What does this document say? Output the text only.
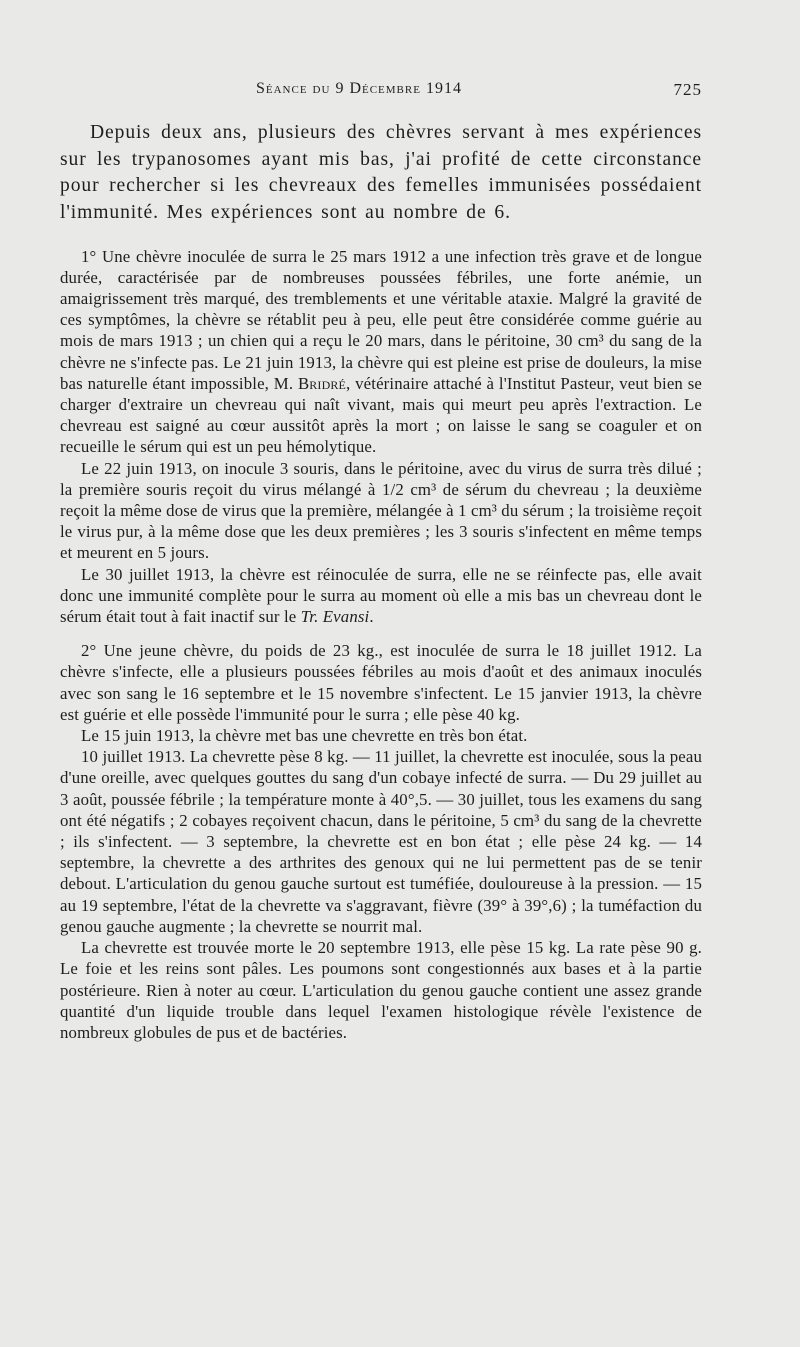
Séance du 9 Décembre 1914	725

Depuis deux ans, plusieurs des chèvres servant à mes expériences sur les trypanosomes ayant mis bas, j'ai profité de cette circonstance pour rechercher si les chevreaux des femelles immunisées possédaient l'immunité. Mes expériences sont au nombre de 6.

1° Une chèvre inoculée de surra le 25 mars 1912 a une infection très grave et de longue durée, caractérisée par de nombreuses poussées fébriles, une forte anémie, un amaigrissement très marqué, des tremblements et une véritable ataxie. Malgré la gravité de ces symptômes, la chèvre se rétablit peu à peu, elle peut être considérée comme guérie au mois de mars 1913 ; un chien qui a reçu le 20 mars, dans le péritoine, 30 cm³ du sang de la chèvre ne s'infecte pas. Le 21 juin 1913, la chèvre qui est pleine est prise de douleurs, la mise bas naturelle étant impossible, M. Bridré, vétérinaire attaché à l'Institut Pasteur, veut bien se charger d'extraire un chevreau qui naît vivant, mais qui meurt peu après l'extraction. Le chevreau est saigné au cœur aussitôt après la mort ; on laisse le sang se coaguler et on recueille le sérum qui est un peu hémolytique.

Le 22 juin 1913, on inocule 3 souris, dans le péritoine, avec du virus de surra très dilué ; la première souris reçoit du virus mélangé à 1/2 cm³ de sérum du chevreau ; la deuxième reçoit la même dose de virus que la première, mélangée à 1 cm³ du sérum ; la troisième reçoit le virus pur, à la même dose que les deux premières ; les 3 souris s'infectent en même temps et meurent en 5 jours.

Le 30 juillet 1913, la chèvre est réinoculée de surra, elle ne se réinfecte pas, elle avait donc une immunité complète pour le surra au moment où elle a mis bas un chevreau dont le sérum était tout à fait inactif sur le Tr. Evansi.

2° Une jeune chèvre, du poids de 23 kg., est inoculée de surra le 18 juillet 1912. La chèvre s'infecte, elle a plusieurs poussées fébriles au mois d'août et des animaux inoculés avec son sang le 16 septembre et le 15 novembre s'infectent. Le 15 janvier 1913, la chèvre est guérie et elle possède l'immunité pour le surra ; elle pèse 40 kg.

Le 15 juin 1913, la chèvre met bas une chevrette en très bon état.

10 juillet 1913. La chevrette pèse 8 kg. — 11 juillet, la chevrette est inoculée, sous la peau d'une oreille, avec quelques gouttes du sang d'un cobaye infecté de surra. — Du 29 juillet au 3 août, poussée fébrile ; la température monte à 40°,5. — 30 juillet, tous les examens du sang ont été négatifs ; 2 cobayes reçoivent chacun, dans le péritoine, 5 cm³ du sang de la chevrette ; ils s'infectent. — 3 septembre, la chevrette est en bon état ; elle pèse 24 kg. — 14 septembre, la chevrette a des arthrites des genoux qui ne lui permettent pas de se tenir debout. L'articulation du genou gauche surtout est tuméfiée, douloureuse à la pression. — 15 au 19 septembre, l'état de la chevrette va s'aggravant, fièvre (39° à 39°,6) ; la tuméfaction du genou gauche augmente ; la chevrette se nourrit mal.

La chevrette est trouvée morte le 20 septembre 1913, elle pèse 15 kg. La rate pèse 90 g. Le foie et les reins sont pâles. Les poumons sont congestionnés aux bases et à la partie postérieure. Rien à noter au cœur. L'articulation du genou gauche contient une assez grande quantité d'un liquide trouble dans lequel l'examen histologique révèle l'existence de nombreux globules de pus et de bactéries.
